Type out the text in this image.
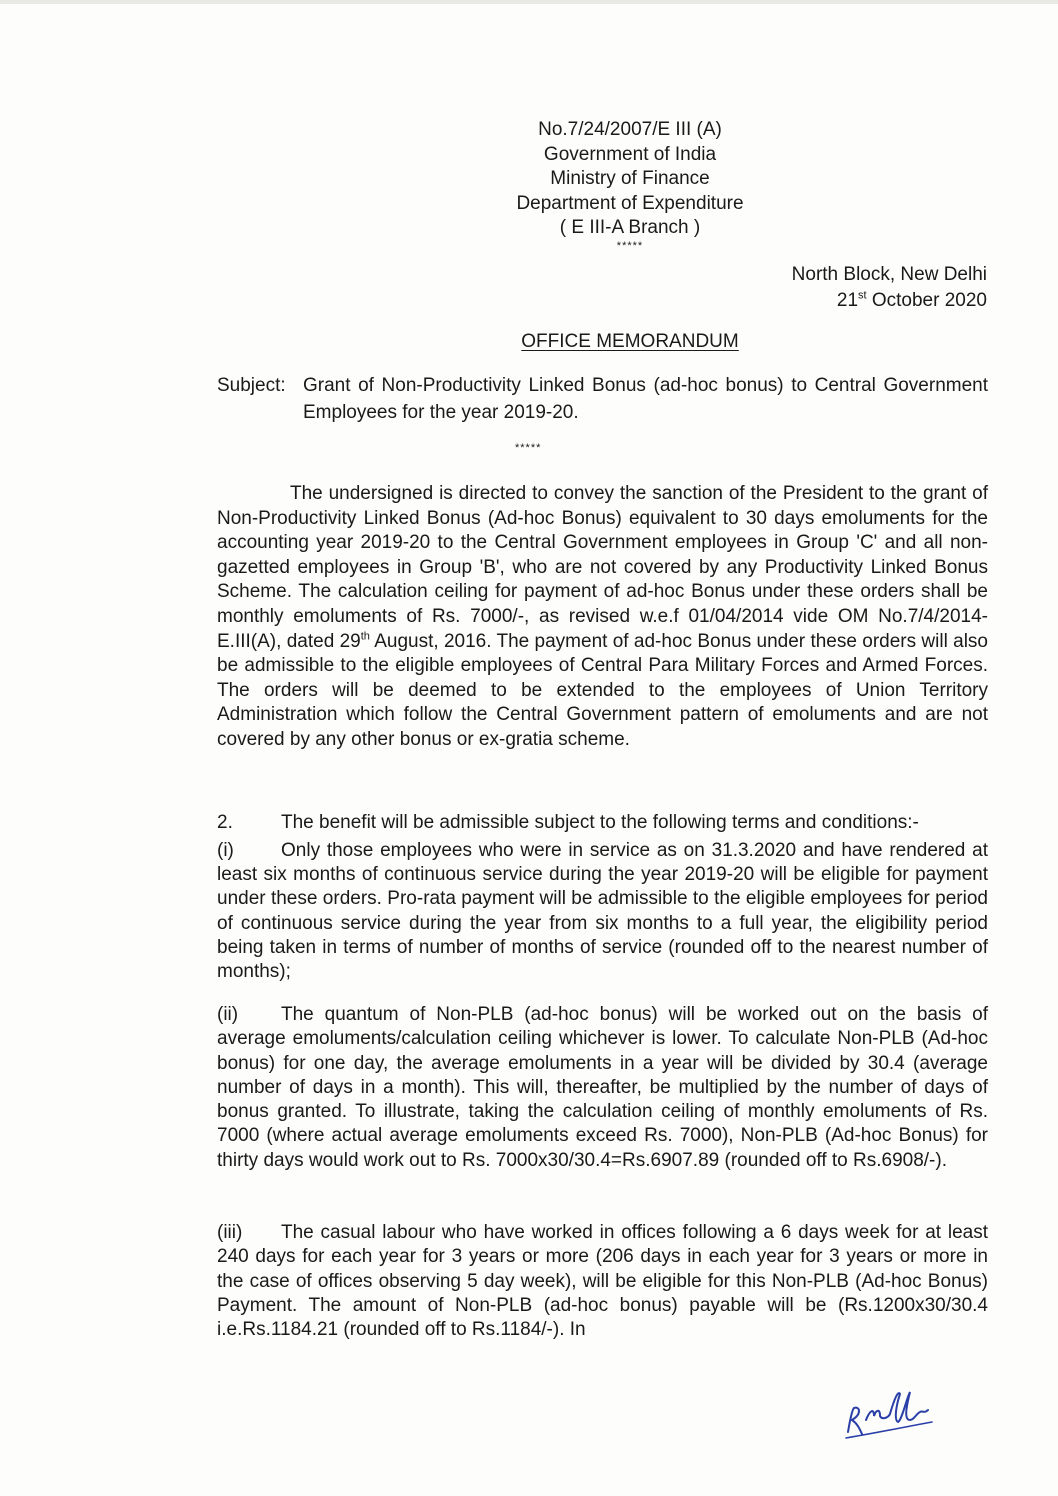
No.7/24/2007/E III (A)
Government of India
Ministry of Finance
Department of Expenditure
( E III-A Branch )
*****
North Block, New Delhi
21st October 2020
OFFICE MEMORANDUM
Subject: Grant of Non-Productivity Linked Bonus (ad-hoc bonus) to Central Government Employees for the year 2019-20.
*****
The undersigned is directed to convey the sanction of the President to the grant of Non-Productivity Linked Bonus (Ad-hoc Bonus) equivalent to 30 days emoluments for the accounting year 2019-20 to the Central Government employees in Group 'C' and all non-gazetted employees in Group 'B', who are not covered by any Productivity Linked Bonus Scheme. The calculation ceiling for payment of ad-hoc Bonus under these orders shall be monthly emoluments of Rs. 7000/-, as revised w.e.f 01/04/2014 vide OM No.7/4/2014-E.III(A), dated 29th August, 2016. The payment of ad-hoc Bonus under these orders will also be admissible to the eligible employees of Central Para Military Forces and Armed Forces. The orders will be deemed to be extended to the employees of Union Territory Administration which follow the Central Government pattern of emoluments and are not covered by any other bonus or ex-gratia scheme.
2.	The benefit will be admissible subject to the following terms and conditions:-
(i) Only those employees who were in service as on 31.3.2020 and have rendered at least six months of continuous service during the year 2019-20 will be eligible for payment under these orders. Pro-rata payment will be admissible to the eligible employees for period of continuous service during the year from six months to a full year, the eligibility period being taken in terms of number of months of service (rounded off to the nearest number of months);
(ii) The quantum of Non-PLB (ad-hoc bonus) will be worked out on the basis of average emoluments/calculation ceiling whichever is lower. To calculate Non-PLB (Ad-hoc bonus) for one day, the average emoluments in a year will be divided by 30.4 (average number of days in a month). This will, thereafter, be multiplied by the number of days of bonus granted. To illustrate, taking the calculation ceiling of monthly emoluments of Rs. 7000 (where actual average emoluments exceed Rs. 7000), Non-PLB (Ad-hoc Bonus) for thirty days would work out to Rs. 7000x30/30.4=Rs.6907.89 (rounded off to Rs.6908/-).
(iii) The casual labour who have worked in offices following a 6 days week for at least 240 days for each year for 3 years or more (206 days in each year for 3 years or more in the case of offices observing 5 day week), will be eligible for this Non-PLB (Ad-hoc Bonus) Payment. The amount of Non-PLB (ad-hoc bonus) payable will be (Rs.1200x30/30.4 i.e.Rs.1184.21 (rounded off to Rs.1184/-). In
